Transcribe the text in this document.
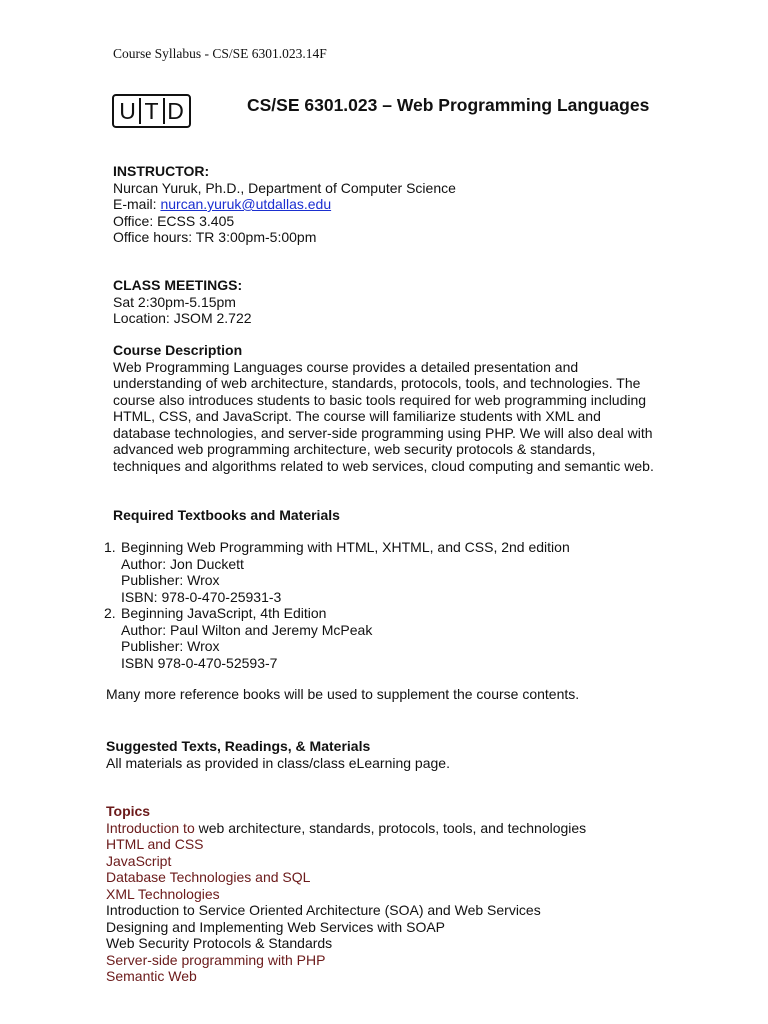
Course Syllabus - CS/SE 6301.023.14F
U T D	CS/SE 6301.023 – Web Programming Languages
INSTRUCTOR:
Nurcan Yuruk, Ph.D., Department of Computer Science
E-mail: nurcan.yuruk@utdallas.edu
Office: ECSS 3.405
Office hours: TR 3:00pm-5:00pm
CLASS MEETINGS:
Sat 2:30pm-5.15pm
Location: JSOM 2.722
Course Description
Web Programming Languages course provides a detailed presentation and
understanding of web architecture, standards, protocols, tools, and technologies. The
course also introduces students to basic tools required for web programming including
HTML, CSS, and JavaScript. The course will familiarize students with XML and
database technologies, and server-side programming using PHP. We will also deal with
advanced web programming architecture, web security protocols & standards,
techniques and algorithms related to web services, cloud computing and semantic web.
Required Textbooks and Materials
1. Beginning Web Programming with HTML, XHTML, and CSS, 2nd edition
Author: Jon Duckett
Publisher: Wrox
ISBN: 978-0-470-25931-3
2. Beginning JavaScript, 4th Edition
Author: Paul Wilton and Jeremy McPeak
Publisher: Wrox
ISBN 978-0-470-52593-7
Many more reference books will be used to supplement the course contents.
Suggested Texts, Readings, & Materials
All materials as provided in class/class eLearning page.
Topics
Introduction to web architecture, standards, protocols, tools, and technologies
HTML and CSS
JavaScript
Database Technologies and SQL
XML Technologies
Introduction to Service Oriented Architecture (SOA) and Web Services
Designing and Implementing Web Services with SOAP
Web Security Protocols & Standards
Server-side programming with PHP
Semantic Web
